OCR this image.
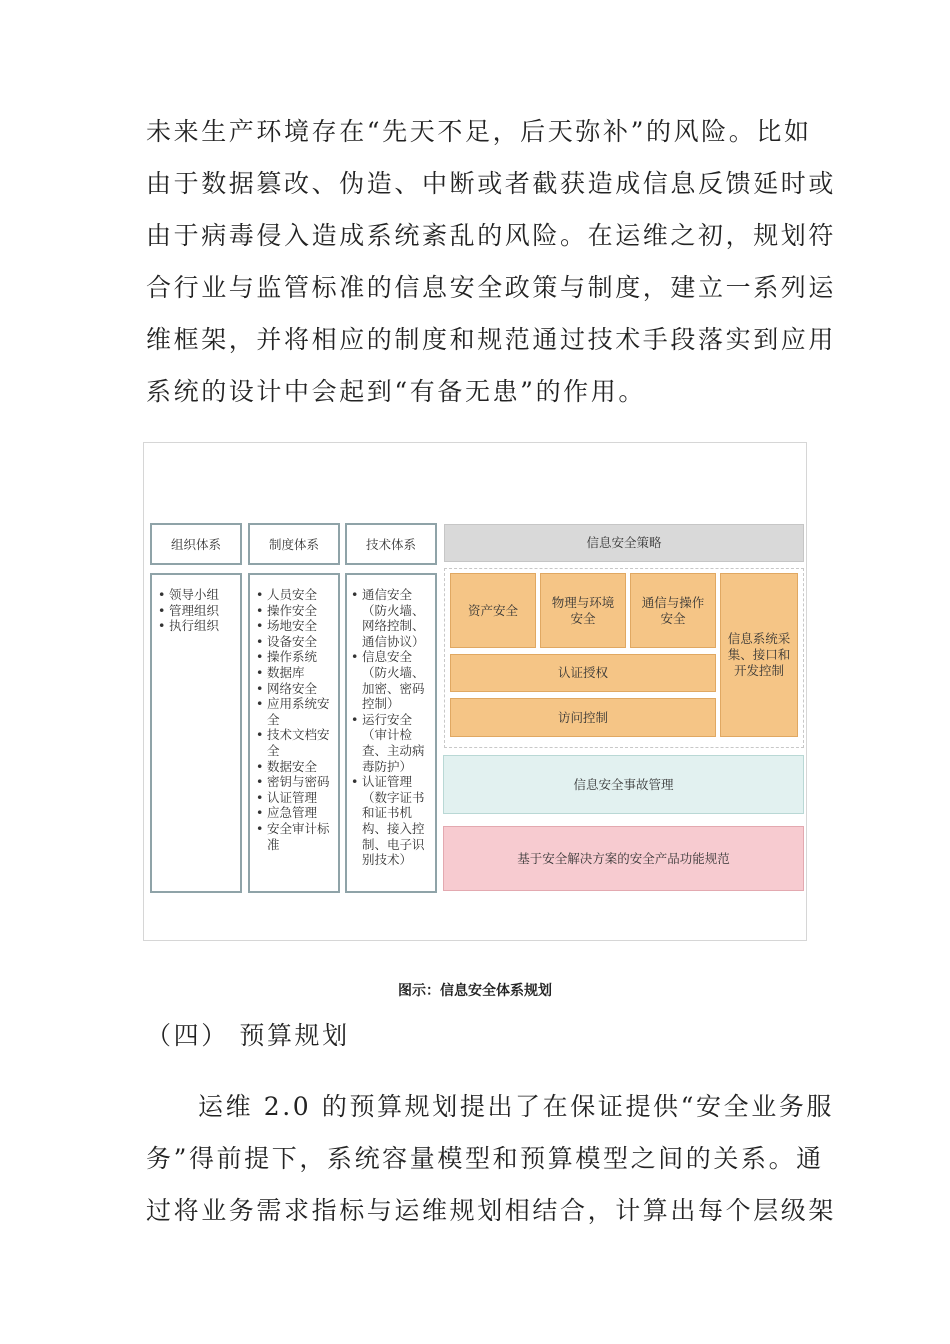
未来生产环境存在“先天不足，后天弥补”的风险。比如
由于数据篡改、伪造、中断或者截获造成信息反馈延时或
由于病毒侵入造成系统紊乱的风险。在运维之初，规划符
合行业与监管标准的信息安全政策与制度，建立一系列运
维框架，并将相应的制度和规范通过技术手段落实到应用
系统的设计中会起到“有备无患”的作用。

组织体系	制度体系	技术体系
• 领导小组
• 管理组织
• 执行组织
• 人员安全
• 操作安全
• 场地安全
• 设备安全
• 操作系统
• 数据库
• 网络安全
• 应用系统安全
• 技术文档安全
• 数据安全
• 密钥与密码
• 认证管理
• 应急管理
• 安全审计标准
• 通信安全（防火墙、网络控制、通信协议）
• 信息安全（防火墙、加密、密码控制）
• 运行安全（审计检查、主动病毒防护）
• 认证管理（数字证书和证书机构、接入控制、电子识别技术）
信息安全策略
资产安全
物理与环境安全
通信与操作安全
信息系统采集、接口和开发控制
认证授权
访问控制
信息安全事故管理
基于安全解决方案的安全产品功能规范
图示：信息安全体系规划
（四） 预算规划

运维 2.0 的预算规划提出了在保证提供“安全业务服
务”得前提下，系统容量模型和预算模型之间的关系。通
过将业务需求指标与运维规划相结合，计算出每个层级架
